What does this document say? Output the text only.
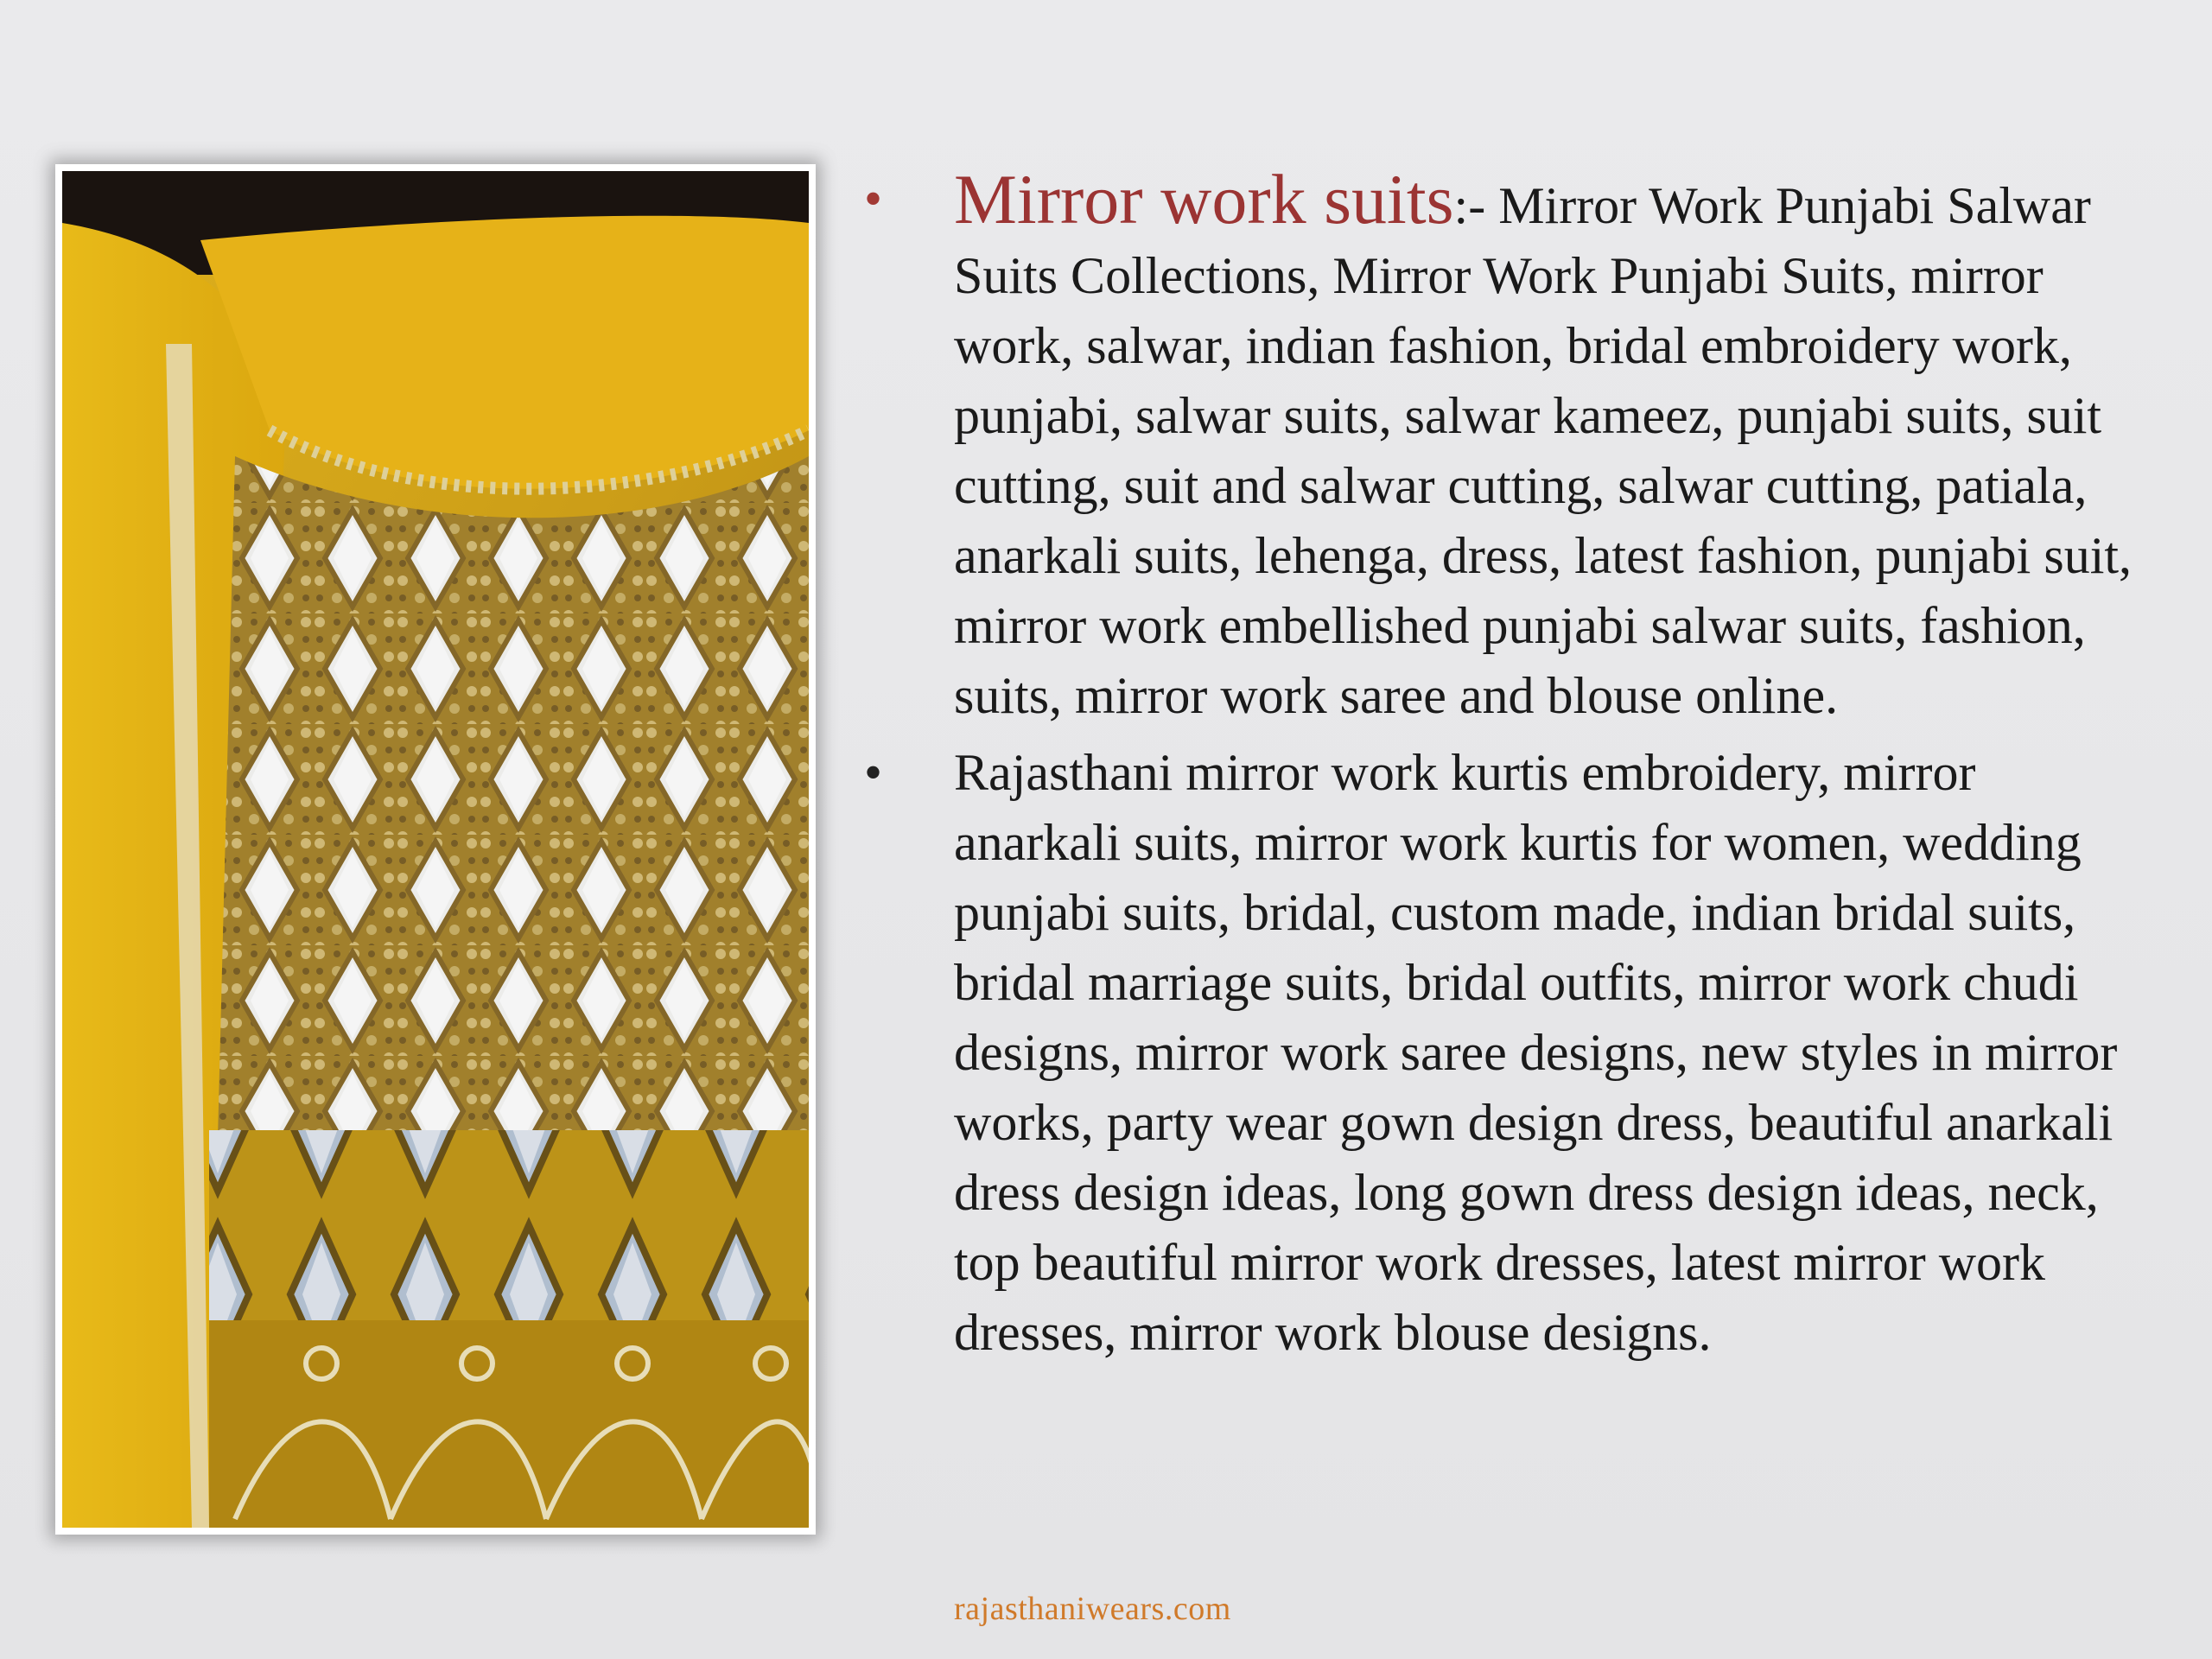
• Mirror work suits:- Mirror Work Punjabi Salwar Suits Collections, Mirror Work Punjabi Suits, mirror work, salwar, indian fashion, bridal embroidery work, punjabi, salwar suits, salwar kameez, punjabi suits, suit cutting, suit and salwar cutting, salwar cutting, patiala, anarkali suits, lehenga, dress, latest fashion, punjabi suit, mirror work embellished punjabi salwar suits, fashion, suits, mirror work saree and blouse online.
•	Rajasthani mirror work kurtis embroidery, mirror anarkali suits, mirror work kurtis for women, wedding punjabi suits, bridal, custom made, indian bridal suits, bridal marriage suits, bridal outfits, mirror work chudi designs, mirror work saree designs, new styles in mirror works, party wear gown design dress, beautiful anarkali dress design ideas, long gown dress design ideas, neck, top beautiful mirror work dresses, latest mirror work dresses, mirror work blouse designs.
rajasthaniwears.com
